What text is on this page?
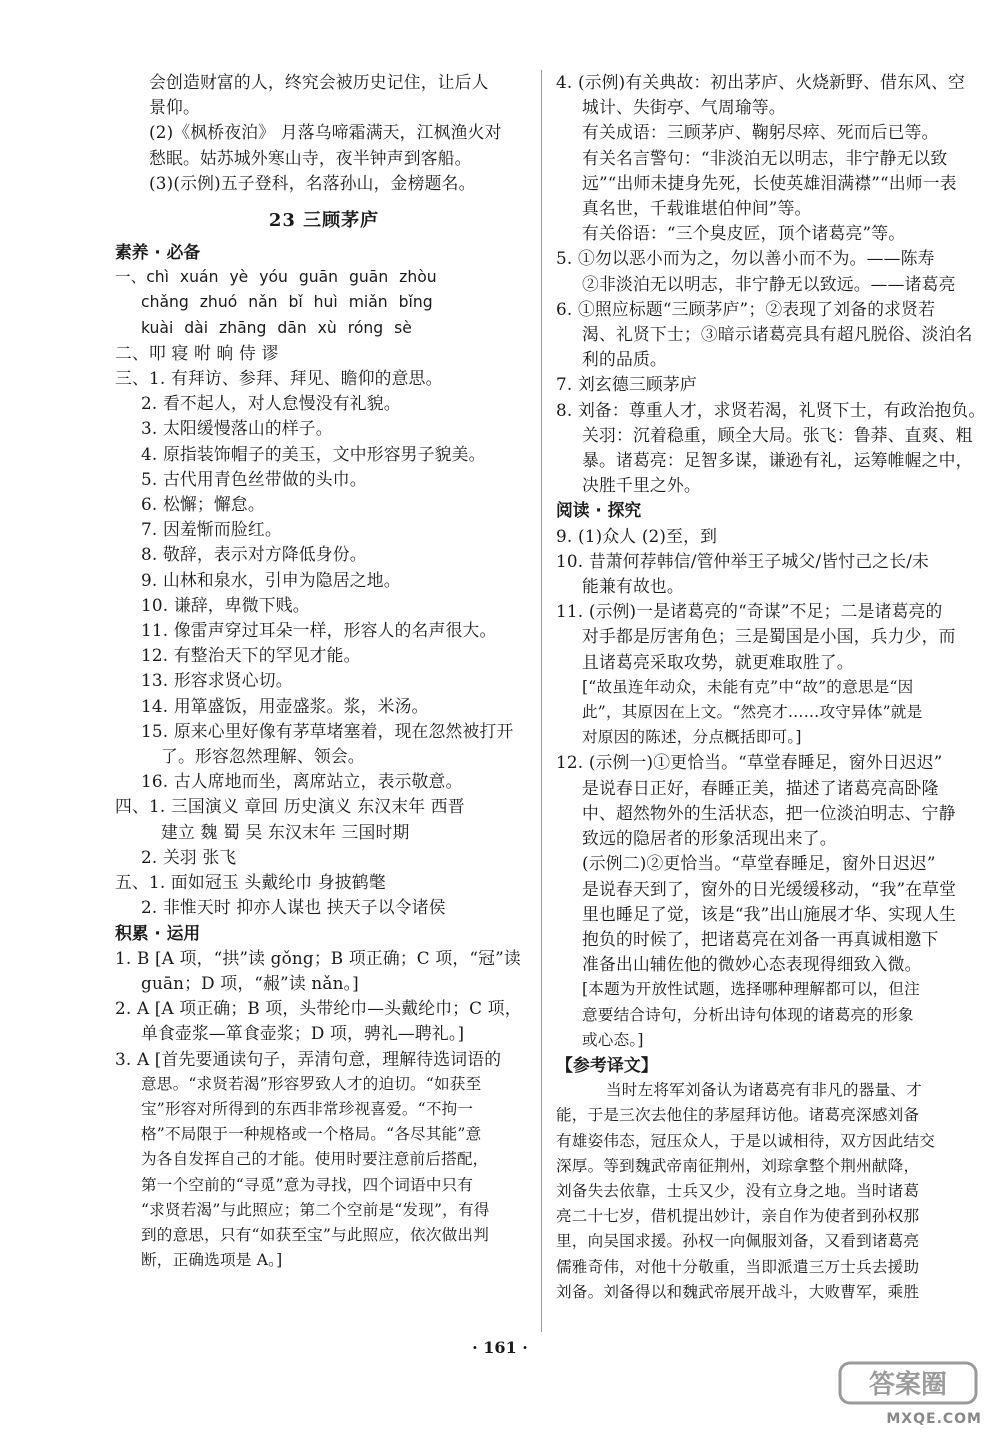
会创造财富的人，终究会被历史记住，让后人
景仰。
(2)《枫桥夜泊》 月落乌啼霜满天，江枫渔火对
愁眠。姑苏城外寒山寺，夜半钟声到客船。
(3)(示例)五子登科，名落孙山，金榜题名。
23 三顾茅庐
素养 · 必备
一、chì xuán yè yóu guān guān zhòu
chǎng zhuó nǎn bǐ huì miǎn bǐng
kuài dài zhāng dān xù róng sè
二、叩 寝 咐 晌 侍 谬
三、1. 有拜访、参拜、拜见、瞻仰的意思。
2. 看不起人，对人怠慢没有礼貌。
3. 太阳缓慢落山的样子。
4. 原指装饰帽子的美玉，文中形容男子貌美。
5. 古代用青色丝带做的头巾。
6. 松懈；懈怠。
7. 因羞惭而脸红。
8. 敬辞，表示对方降低身份。
9. 山林和泉水，引申为隐居之地。
10. 谦辞，卑微下贱。
11. 像雷声穿过耳朵一样，形容人的名声很大。
12. 有整治天下的罕见才能。
13. 形容求贤心切。
14. 用箪盛饭，用壶盛浆。浆，米汤。
15. 原来心里好像有茅草堵塞着，现在忽然被打开
了。形容忽然理解、领会。
16. 古人席地而坐，离席站立，表示敬意。
四、1. 三国演义 章回 历史演义 东汉末年 西晋
建立 魏 蜀 吴 东汉末年 三国时期
2. 关羽 张飞
五、1. 面如冠玉 头戴纶巾 身披鹤氅
2. 非惟天时 抑亦人谋也 挟天子以令诸侯
积累 · 运用
1. B [A 项，“拱”读 gǒng；B 项正确；C 项，“冠”读
guān；D 项，“赧”读 nǎn。]
2. A [A 项正确；B 项，头带纶巾—头戴纶巾；C 项，
单食壶浆—箪食壶浆；D 项，骋礼—聘礼。]
3. A [首先要通读句子，弄清句意，理解待选词语的
意思。“求贤若渴”形容罗致人才的迫切。“如获至
宝”形容对所得到的东西非常珍视喜爱。“不拘一
格”不局限于一种规格或一个格局。“各尽其能”意
为各自发挥自己的才能。使用时要注意前后搭配，
第一个空前的“寻觅”意为寻找，四个词语中只有
“求贤若渴”与此照应；第二个空前是“发现”，有得
到的意思，只有“如获至宝”与此照应，依次做出判
断，正确选项是 A。]
4. (示例)有关典故：初出茅庐、火烧新野、借东风、空
城计、失街亭、气周瑜等。
有关成语：三顾茅庐、鞠躬尽瘁、死而后已等。
有关名言警句：“非淡泊无以明志，非宁静无以致
远”“出师未捷身先死，长使英雄泪满襟”“出师一表
真名世，千载谁堪伯仲间”等。
有关俗语：“三个臭皮匠，顶个诸葛亮”等。
5. ①勿以恶小而为之，勿以善小而不为。——陈寿
②非淡泊无以明志，非宁静无以致远。——诸葛亮
6. ①照应标题“三顾茅庐”；②表现了刘备的求贤若
渴、礼贤下士；③暗示诸葛亮具有超凡脱俗、淡泊名
利的品质。
7. 刘玄德三顾茅庐
8. 刘备：尊重人才，求贤若渴，礼贤下士，有政治抱负。
关羽：沉着稳重，顾全大局。张飞：鲁莽、直爽、粗
暴。诸葛亮：足智多谋，谦逊有礼，运筹帷幄之中，
决胜千里之外。
阅读 · 探究
9. (1)众人 (2)至，到
10. 昔萧何荐韩信/管仲举王子城父/皆忖己之长/未
能兼有故也。
11. (示例)一是诸葛亮的“奇谋”不足；二是诸葛亮的
对手都是厉害角色；三是蜀国是小国，兵力少，而
且诸葛亮采取攻势，就更难取胜了。
[“故虽连年动众，未能有克”中“故”的意思是“因
此”，其原因在上文。“然亮才……攻守异体”就是
对原因的陈述，分点概括即可。]
12. (示例一)①更恰当。“草堂春睡足，窗外日迟迟”
是说春日正好，春睡正美，描述了诸葛亮高卧隆
中、超然物外的生活状态，把一位淡泊明志、宁静
致远的隐居者的形象活现出来了。
(示例二)②更恰当。“草堂春睡足，窗外日迟迟”
是说春天到了，窗外的日光缓缓移动，“我”在草堂
里也睡足了觉，该是“我”出山施展才华、实现人生
抱负的时候了，把诸葛亮在刘备一再真诚相邀下
准备出山辅佐他的微妙心态表现得细致入微。
[本题为开放性试题，选择哪种理解都可以，但注
意要结合诗句，分析出诗句体现的诸葛亮的形象
或心态。]
【参考译文】
当时左将军刘备认为诸葛亮有非凡的器量、才
能，于是三次去他住的茅屋拜访他。诸葛亮深感刘备
有雄姿伟态，冠压众人，于是以诚相待，双方因此结交
深厚。等到魏武帝南征荆州，刘琮拿整个荆州献降，
刘备失去依靠，士兵又少，没有立身之地。当时诸葛
亮二十七岁，借机提出妙计，亲自作为使者到孙权那
里，向吴国求援。孙权一向佩服刘备，又看到诸葛亮
儒雅奇伟，对他十分敬重，当即派遣三万士兵去援助
刘备。刘备得以和魏武帝展开战斗，大败曹军，乘胜
· 161 ·
答案圈
MXQE.COM
